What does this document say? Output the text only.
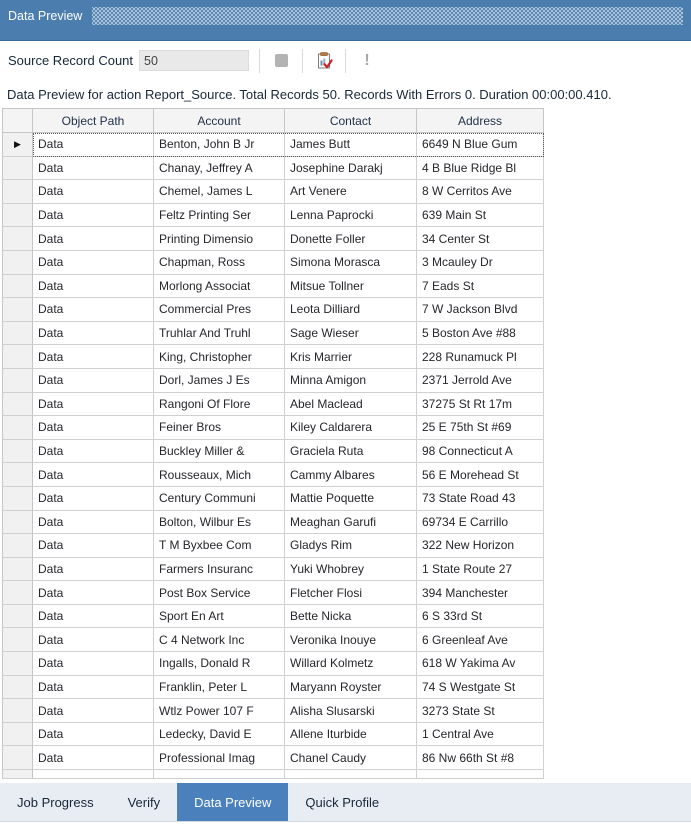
Data Preview
Source Record Count
50	!
Data Preview for action Report_Source. Total Records 50. Records With Errors 0. Duration 00:00:00.410.
Object Path	Account	Contact	Address
▶	Data	Benton, John B Jr	James Butt	6649 N Blue Gum
Data	Chanay, Jeffrey A	Josephine Darakj	4 B Blue Ridge Bl
Data	Chemel, James L	Art Venere	8 W Cerritos Ave
Data	Feltz Printing Ser	Lenna Paprocki	639 Main St
Data	Printing Dimensio	Donette Foller	34 Center St
Data	Chapman, Ross	Simona Morasca	3 Mcauley Dr
Data	Morlong Associat	Mitsue Tollner	7 Eads St
Data	Commercial Pres	Leota Dilliard	7 W Jackson Blvd
Data	Truhlar And Truhl	Sage Wieser	5 Boston Ave #88
Data	King, Christopher	Kris Marrier	228 Runamuck Pl
Data	Dorl, James J Es	Minna Amigon	2371 Jerrold Ave
Data	Rangoni Of Flore	Abel Maclead	37275 St Rt 17m
Data	Feiner Bros	Kiley Caldarera	25 E 75th St #69
Data	Buckley Miller &	Graciela Ruta	98 Connecticut A
Data	Rousseaux, Mich	Cammy Albares	56 E Morehead St
Data	Century Communi	Mattie Poquette	73 State Road 43
Data	Bolton, Wilbur Es	Meaghan Garufi	69734 E Carrillo
Data	T M Byxbee Com	Gladys Rim	322 New Horizon
Data	Farmers Insuranc	Yuki Whobrey	1 State Route 27
Data	Post Box Service	Fletcher Flosi	394 Manchester
Data	Sport En Art	Bette Nicka	6 S 33rd St
Data	C 4 Network Inc	Veronika Inouye	6 Greenleaf Ave
Data	Ingalls, Donald R	Willard Kolmetz	618 W Yakima Av
Data	Franklin, Peter L	Maryann Royster	74 S Westgate St
Data	Wtlz Power 107 F	Alisha Slusarski	3273 State St
Data	Ledecky, David E	Allene Iturbide	1 Central Ave
Data	Professional Imag	Chanel Caudy	86 Nw 66th St #8
Job Progress	Verify	Data Preview	Quick Profile
